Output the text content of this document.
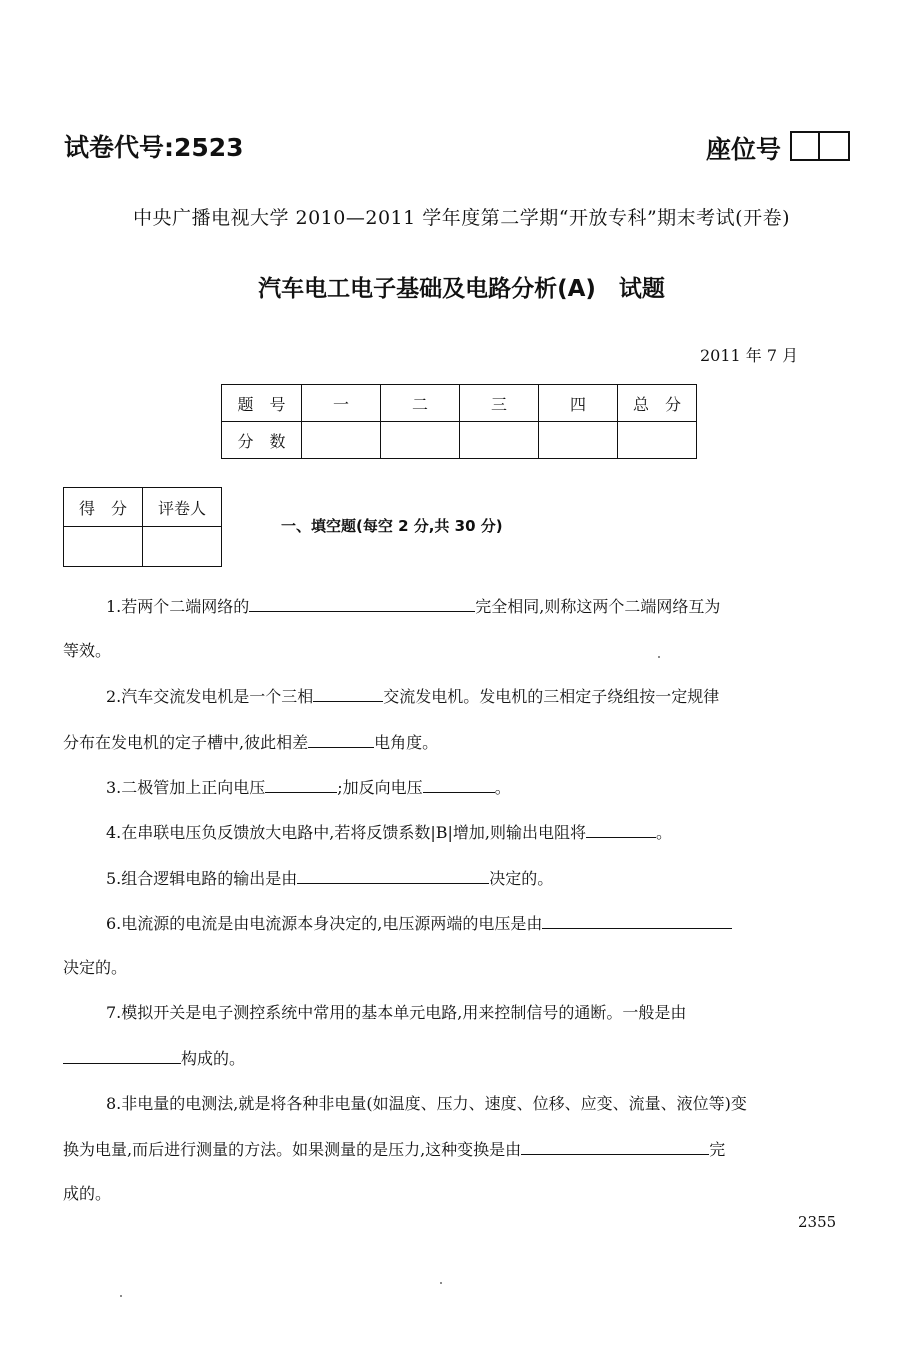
试卷代号:2523	座位号
中央广播电视大学 2010—2011 学年度第二学期“开放专科”期末考试(开卷)
汽车电工电子基础及电路分析(A)　试题
2011 年 7 月
题　号	一	二	三	四	总　分
分　数					
得　分	评卷人

一、填空题(每空 2 分,共 30 分)
1.若两个二端网络的	完全相同,则称这两个二端网络互为
等效。
2.汽车交流发电机是一个三相	交流发电机。发电机的三相定子绕组按一定规律
分布在发电机的定子槽中,彼此相差	电角度。
3.二极管加上正向电压	;加反向电压	。
4.在串联电压负反馈放大电路中,若将反馈系数|B|增加,则输出电阻将	。
5.组合逻辑电路的输出是由	决定的。
6.电流源的电流是由电流源本身决定的,电压源两端的电压是由
决定的。
7.模拟开关是电子测控系统中常用的基本单元电路,用来控制信号的通断。一般是由
构成的。
8.非电量的电测法,就是将各种非电量(如温度、压力、速度、位移、应变、流量、液位等)变
换为电量,而后进行测量的方法。如果测量的是压力,这种变换是由	完
成的。
2355
